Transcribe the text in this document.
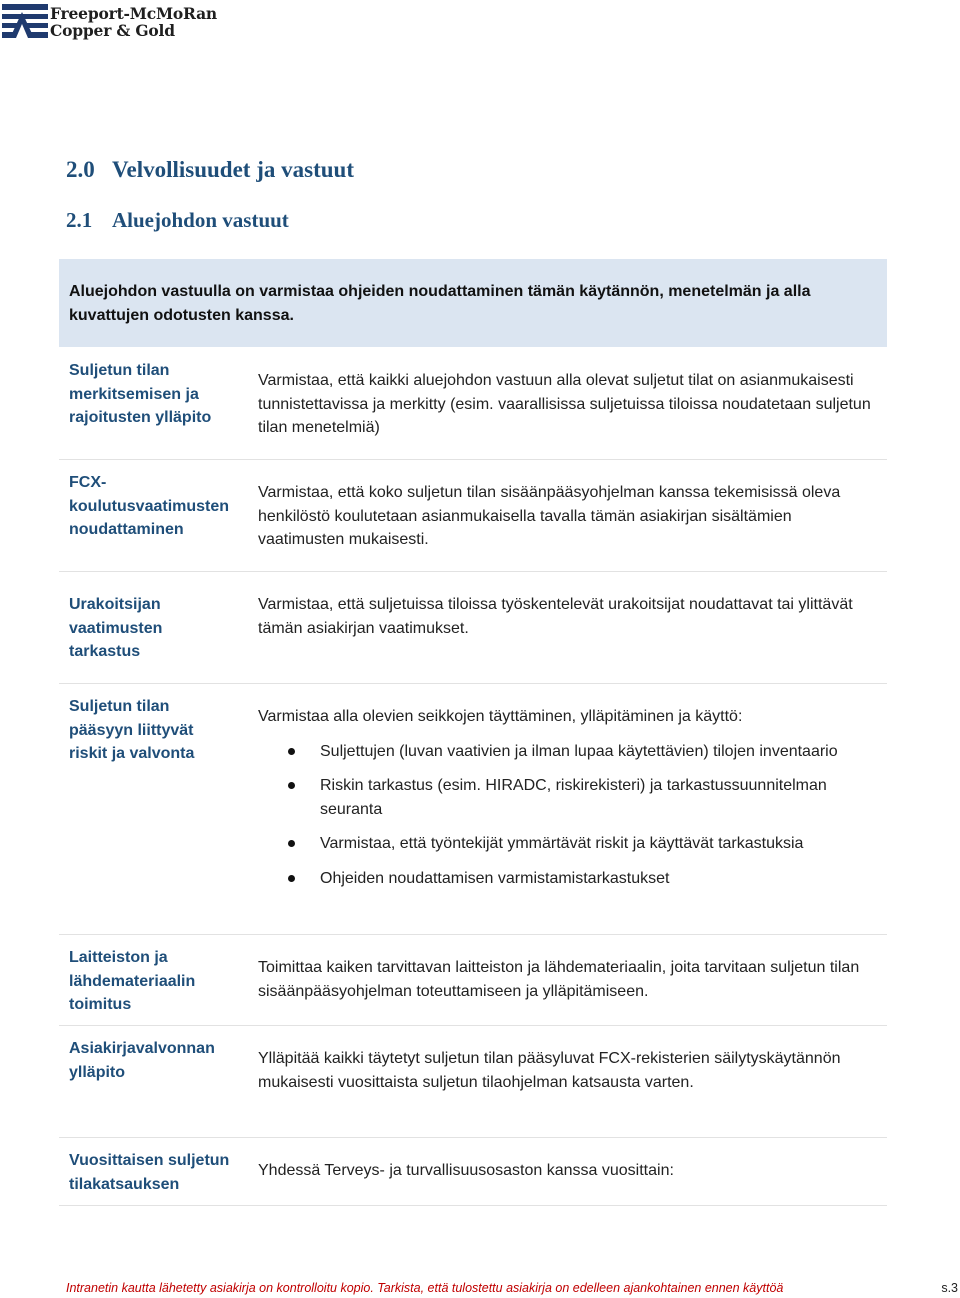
Freeport-McMoRan
Copper & Gold
2.0 Velvollisuudet ja vastuut
2.1 Aluejohdon vastuut
Aluejohdon vastuulla on varmistaa ohjeiden noudattaminen tämän käytännön, menetelmän ja alla kuvattujen odotusten kanssa.
Suljetun tilan merkitsemisen ja rajoitusten ylläpito
Varmistaa, että kaikki aluejohdon vastuun alla olevat suljetut tilat on asianmukaisesti tunnistettavissa ja merkitty (esim. vaarallisissa suljetuissa tiloissa noudatetaan suljetun tilan menetelmiä)
FCX-koulutusvaatimusten noudattaminen
Varmistaa, että koko suljetun tilan sisäänpääsyohjelman kanssa tekemisissä oleva henkilöstö koulutetaan asianmukaisella tavalla tämän asiakirjan sisältämien vaatimusten mukaisesti.
Urakoitsijan vaatimusten tarkastus
Varmistaa, että suljetuissa tiloissa työskentelevät urakoitsijat noudattavat tai ylittävät tämän asiakirjan vaatimukset.
Suljetun tilan pääsyyn liittyvät riskit ja valvonta
Varmistaa alla olevien seikkojen täyttäminen, ylläpitäminen ja käyttö:
Suljettujen (luvan vaativien ja ilman lupaa käytettävien) tilojen inventaario
Riskin tarkastus (esim. HIRADC, riskirekisteri) ja tarkastussuunnitelman seuranta
Varmistaa, että työntekijät ymmärtävät riskit ja käyttävät tarkastuksia
Ohjeiden noudattamisen varmistamistarkastukset
Laitteiston ja lähdemateriaalin toimitus
Toimittaa kaiken tarvittavan laitteiston ja lähdemateriaalin, joita tarvitaan suljetun tilan sisäänpääsyohjelman toteuttamiseen ja ylläpitämiseen.
Asiakirjavalvonnan ylläpito
Ylläpitää kaikki täytetyt suljetun tilan pääsyluvat FCX-rekisterien säilytyskäytännön mukaisesti vuosittaista suljetun tilaohjelman katsausta varten.
Vuosittaisen suljetun tilakatsauksen
Yhdessä Terveys- ja turvallisuusosaston kanssa vuosittain:
Intranetin kautta lähetetty asiakirja on kontrolloitu kopio. Tarkista, että tulostettu asiakirja on edelleen ajankohtainen ennen käyttöä	s.3
